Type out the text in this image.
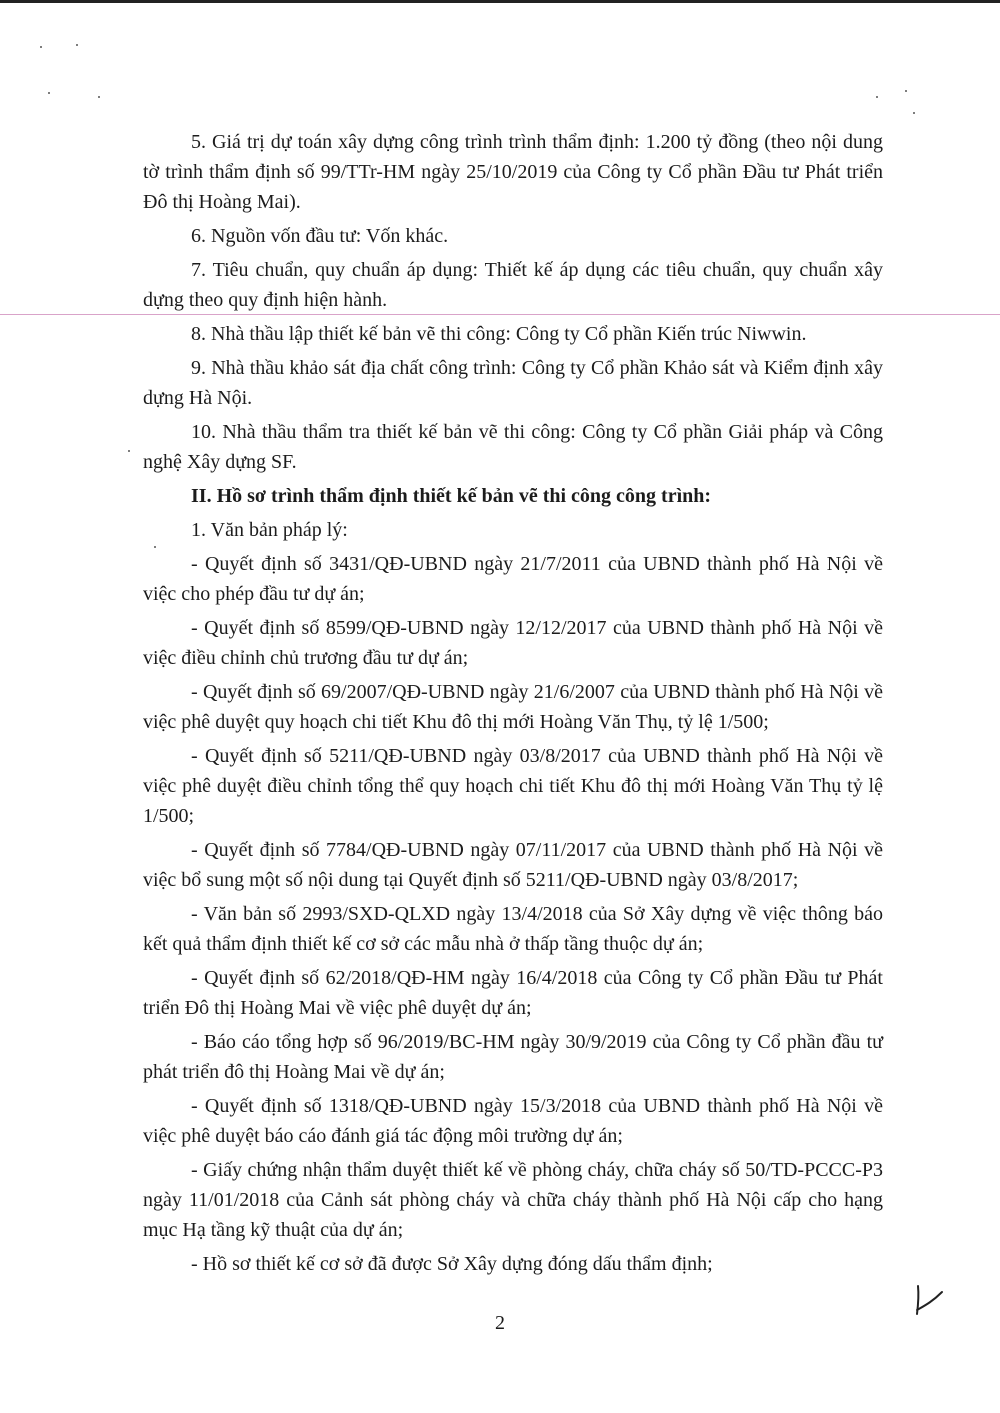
5. Giá trị dự toán xây dựng công trình trình thẩm định: 1.200 tỷ đồng (theo nội dung tờ trình thẩm định số 99/TTr-HM ngày 25/10/2019 của Công ty Cổ phần Đầu tư Phát triển Đô thị Hoàng Mai).

6. Nguồn vốn đầu tư: Vốn khác.

7. Tiêu chuẩn, quy chuẩn áp dụng: Thiết kế áp dụng các tiêu chuẩn, quy chuẩn xây dựng theo quy định hiện hành.

8. Nhà thầu lập thiết kế bản vẽ thi công: Công ty Cổ phần Kiến trúc Niwwin.

9. Nhà thầu khảo sát địa chất công trình: Công ty Cổ phần Khảo sát và Kiểm định xây dựng Hà Nội.

10. Nhà thầu thẩm tra thiết kế bản vẽ thi công: Công ty Cổ phần Giải pháp và Công nghệ Xây dựng SF.

II. Hồ sơ trình thẩm định thiết kế bản vẽ thi công công trình:

1. Văn bản pháp lý:

- Quyết định số 3431/QĐ-UBND ngày 21/7/2011 của UBND thành phố Hà Nội về việc cho phép đầu tư dự án;

- Quyết định số 8599/QĐ-UBND ngày 12/12/2017 của UBND thành phố Hà Nội về việc điều chỉnh chủ trương đầu tư dự án;

- Quyết định số 69/2007/QĐ-UBND ngày 21/6/2007 của UBND thành phố Hà Nội về việc phê duyệt quy hoạch chi tiết Khu đô thị mới Hoàng Văn Thụ, tỷ lệ 1/500;

- Quyết định số 5211/QĐ-UBND ngày 03/8/2017 của UBND thành phố Hà Nội về việc phê duyệt điều chỉnh tổng thể quy hoạch chi tiết Khu đô thị mới Hoàng Văn Thụ tỷ lệ 1/500;

- Quyết định số 7784/QĐ-UBND ngày 07/11/2017 của UBND thành phố Hà Nội về việc bổ sung một số nội dung tại Quyết định số 5211/QĐ-UBND ngày 03/8/2017;

- Văn bản số 2993/SXD-QLXD ngày 13/4/2018 của Sở Xây dựng về việc thông báo kết quả thẩm định thiết kế cơ sở các mẫu nhà ở thấp tầng thuộc dự án;

- Quyết định số 62/2018/QĐ-HM ngày 16/4/2018 của Công ty Cổ phần Đầu tư Phát triển Đô thị Hoàng Mai về việc phê duyệt dự án;

- Báo cáo tổng hợp số 96/2019/BC-HM ngày 30/9/2019 của Công ty Cổ phần đầu tư phát triển đô thị Hoàng Mai về dự án;

- Quyết định số 1318/QĐ-UBND ngày 15/3/2018 của UBND thành phố Hà Nội về việc phê duyệt báo cáo đánh giá tác động môi trường dự án;

- Giấy chứng nhận thẩm duyệt thiết kế về phòng cháy, chữa cháy số 50/TD-PCCC-P3 ngày 11/01/2018 của Cảnh sát phòng cháy và chữa cháy thành phố Hà Nội cấp cho hạng mục Hạ tầng kỹ thuật của dự án;

- Hồ sơ thiết kế cơ sở đã được Sở Xây dựng đóng dấu thẩm định;

2
